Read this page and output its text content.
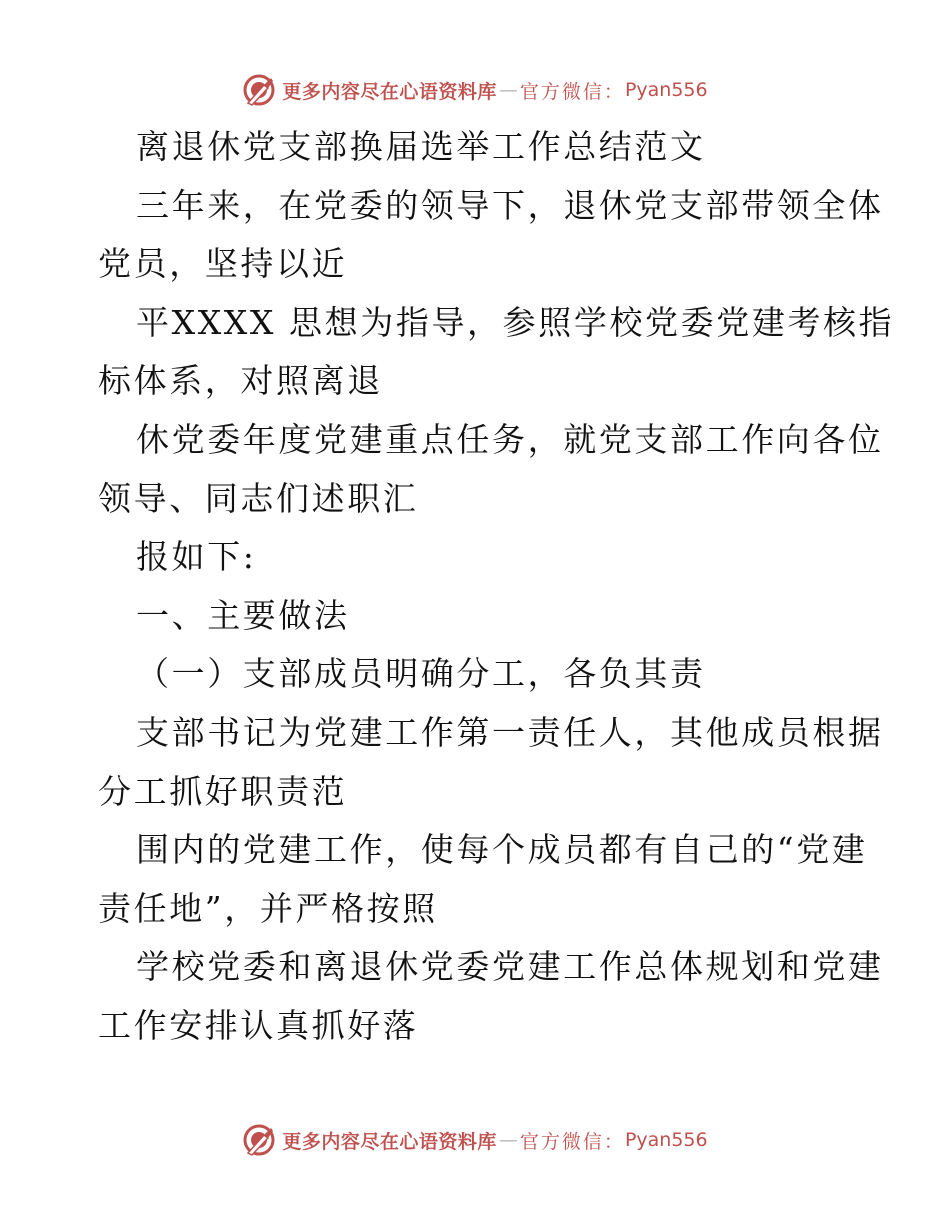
更多内容尽在心语资料库 — 官方微信： Pyan556
离退休党支部换届选举工作总结范文
三年来，在党委的领导下，退休党支部带领全体
党员，坚持以近
平XXXX 思想为指导，参照学校党委党建考核指
标体系，对照离退
休党委年度党建重点任务，就党支部工作向各位
领导、同志们述职汇
报如下:
一、主要做法
（一）支部成员明确分工，各负其责
支部书记为党建工作第一责任人，其他成员根据
分工抓好职责范
围内的党建工作，使每个成员都有自己的“党建
责任地”，并严格按照
学校党委和离退休党委党建工作总体规划和党建
工作安排认真抓好落
更多内容尽在心语资料库 — 官方微信： Pyan556
